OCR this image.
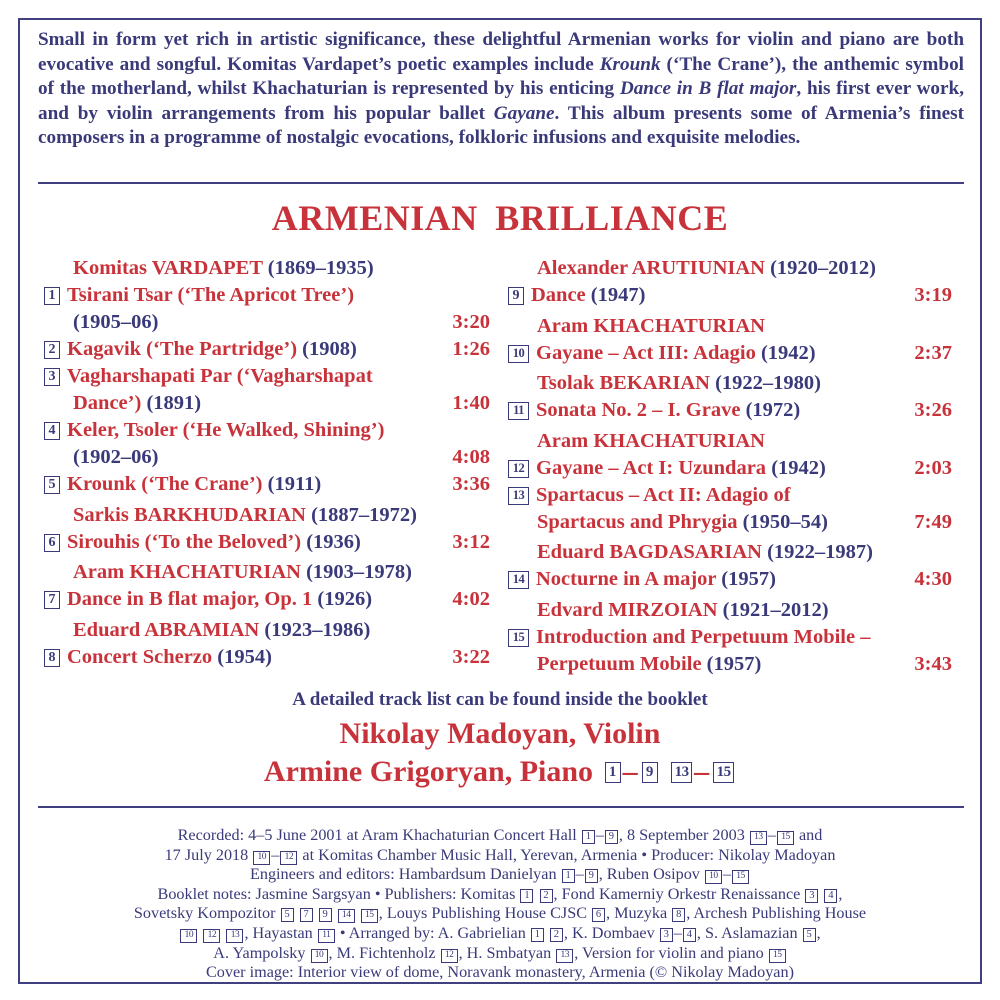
Small in form yet rich in artistic significance, these delightful Armenian works for violin and piano are both evocative and songful. Komitas Vardapet’s poetic examples include Krounk (‘The Crane’), the anthemic symbol of the motherland, whilst Khachaturian is represented by his enticing Dance in B flat major, his first ever work, and by violin arrangements from his popular ballet Gayane. This album presents some of Armenia’s finest composers in a programme of nostalgic evocations, folkloric infusions and exquisite melodies.
ARMENIAN BRILLIANCE
Komitas VARDAPET (1869–1935)
1 Tsirani Tsar (‘The Apricot Tree’)
(1905–06)	3:20
2 Kagavik (‘The Partridge’) (1908)	1:26
3 Vagharshapati Par (‘Vagharshapat
Dance’) (1891)	1:40
4 Keler, Tsoler (‘He Walked, Shining’)
(1902–06)	4:08
5 Krounk (‘The Crane’) (1911)	3:36
Sarkis BARKHUDARIAN (1887–1972)
6 Sirouhis (‘To the Beloved’) (1936)	3:12
Aram KHACHATURIAN (1903–1978)
7 Dance in B flat major, Op. 1 (1926)	4:02
Eduard ABRAMIAN (1923–1986)
8 Concert Scherzo (1954)	3:22
Alexander ARUTIUNIAN (1920–2012)
9 Dance (1947)	3:19
Aram KHACHATURIAN
10 Gayane – Act III: Adagio (1942)	2:37
Tsolak BEKARIAN (1922–1980)
11 Sonata No. 2 – I. Grave (1972)	3:26
Aram KHACHATURIAN
12 Gayane – Act I: Uzundara (1942)	2:03
13 Spartacus – Act II: Adagio of
Spartacus and Phrygia (1950–54)	7:49
Eduard BAGDASARIAN (1922–1987)
14 Nocturne in A major (1957)	4:30
Edvard MIRZOIAN (1921–2012)
15 Introduction and Perpetuum Mobile –
Perpetuum Mobile (1957)	3:43
A detailed track list can be found inside the booklet
Nikolay Madoyan, Violin
Armine Grigoryan, Piano 1 – 9 13 – 15
Recorded: 4–5 June 2001 at Aram Khachaturian Concert Hall 1 – 9 , 8 September 2003 13 – 15 and
17 July 2018 10 – 12 at Komitas Chamber Music Hall, Yerevan, Armenia • Producer: Nikolay Madoyan
Engineers and editors: Hambardsum Danielyan 1 – 9 , Ruben Osipov 10 – 15
Booklet notes: Jasmine Sargsyan • Publishers: Komitas 1 2 , Fond Kamerniy Orkestr Renaissance 3 4 ,
Sovetsky Kompozitor 5 7 9 14 15 , Louys Publishing House CJSC 6 , Muzyka 8 , Archesh Publishing House
10 12 13 , Hayastan 11 • Arranged by: A. Gabrielian 1 2 , K. Dombaev 3 – 4 , S. Aslamazian 5 ,
A. Yampolsky 10 , M. Fichtenholz 12 , H. Smbatyan 13 , Version for violin and piano 15
Cover image: Interior view of dome, Noravank monastery, Armenia (© Nikolay Madoyan)
